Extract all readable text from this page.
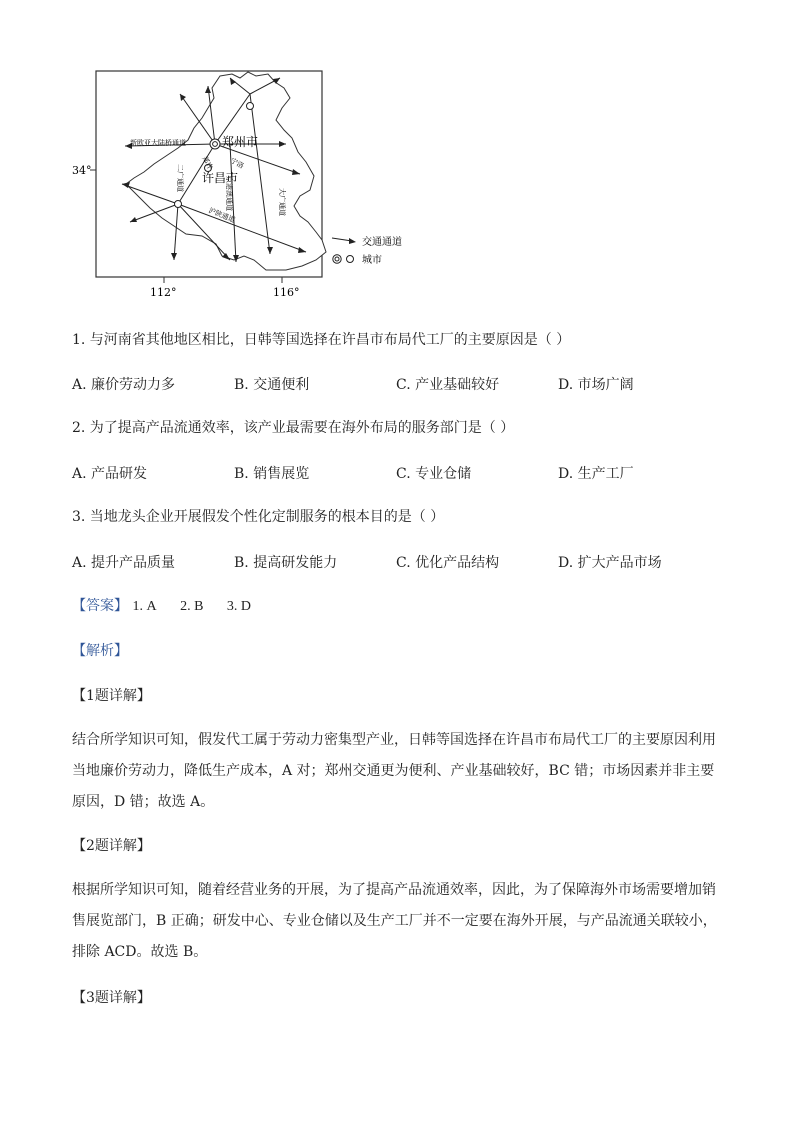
郑州市
许昌市
新欧亚大陆桥通道
二广通道	京港澳通道	大广通道
沪陕通道
郑许 宁洛
34°
112°	116°
交通通道
城市
1. 与河南省其他地区相比，日韩等国选择在许昌市布局代工厂的主要原因是（ ）
A. 廉价劳动力多	B. 交通便利	C. 产业基础较好	D. 市场广阔
2. 为了提高产品流通效率，该产业最需要在海外布局的服务部门是（ ）
A. 产品研发	B. 销售展览	C. 专业仓储	D. 生产工厂
3. 当地龙头企业开展假发个性化定制服务的根本目的是（ ）
A. 提升产品质量	B. 提高研发能力	C. 优化产品结构	D. 扩大产品市场
【答案】 1. A 2. B 3. D
【解析】
【1题详解】
结合所学知识可知，假发代工属于劳动力密集型产业，日韩等国选择在许昌市布局代工厂的主要原因利用
当地廉价劳动力，降低生产成本，A 对；郑州交通更为便利、产业基础较好，BC 错；市场因素并非主要
原因，D 错；故选 A。
【2题详解】
根据所学知识可知，随着经营业务的开展，为了提高产品流通效率，因此，为了保障海外市场需要增加销
售展览部门，B 正确；研发中心、专业仓储以及生产工厂并不一定要在海外开展，与产品流通关联较小，
排除 ACD。故选 B。
【3题详解】
